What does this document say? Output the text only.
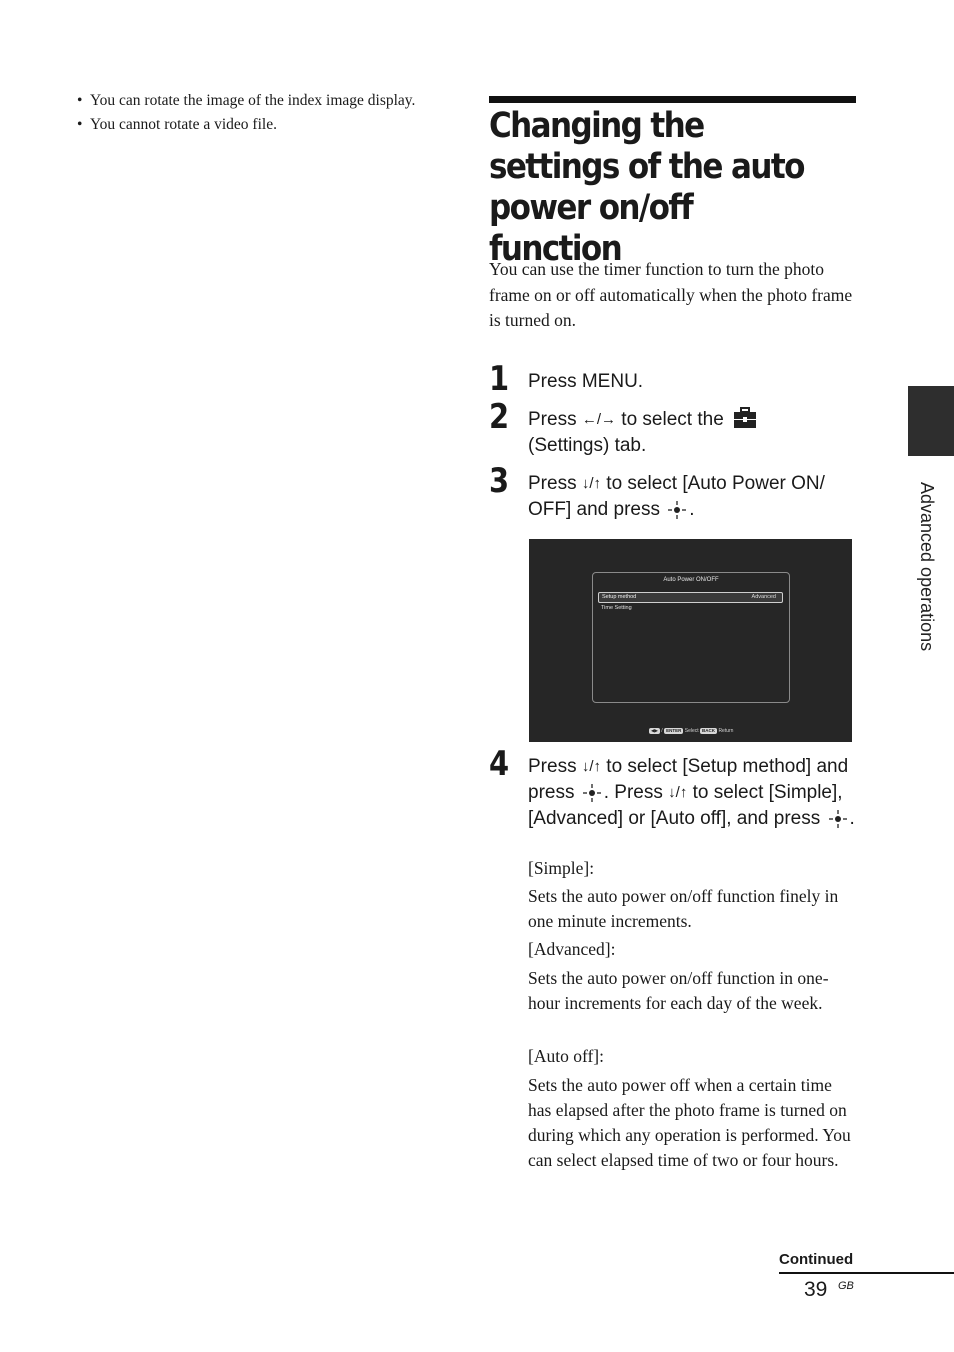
• You can rotate the image of the index image display.
• You cannot rotate a video file.	Changing the settings of the auto power on/off function

You can use the timer function to turn the photo frame on or off automatically when the photo frame is turned on.

1 Press MENU.
2 Press ←/→ to select the
(Settings) tab.
3 Press ↓/↑ to select [Auto Power ON/ OFF] and press .
Auto Power ON/OFF
Setup method	Advanced
Time Setting
◀▶ / ENTER Select BACK Return
4 Press ↓/↑ to select [Setup method] and press . Press ↓/↑ to select [Simple], [Advanced] or [Auto off], and press .

[Simple]:

Sets the auto power on/off function finely in one minute increments.

[Advanced]:

Sets the auto power on/off function in one-hour increments for each day of the week.

[Auto off]:

Sets the auto power off when a certain time has elapsed after the photo frame is turned on during which any operation is performed. You can select elapsed time of two or four hours.

Advanced operations
Continued
39 GB
